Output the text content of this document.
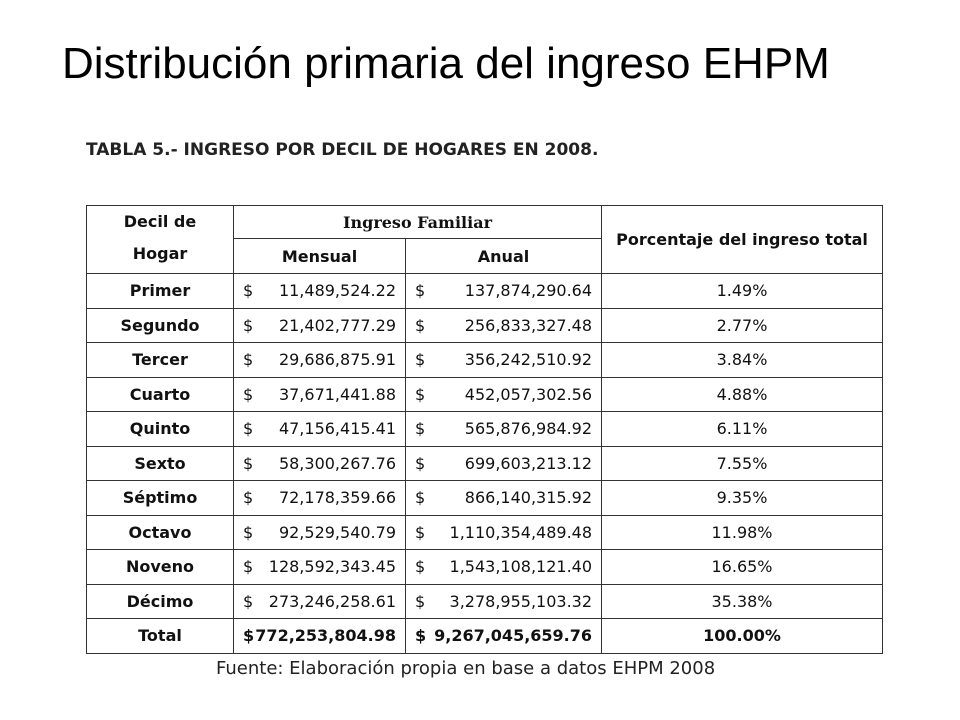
Distribución primaria del ingreso EHPM
TABLA 5.- INGRESO POR DECIL DE HOGARES EN 2008.
Decil de
Hogar	Ingreso Familiar		Porcentaje del ingreso total
	Mensual	Anual	
Primer	$ 11,489,524.22	$ 137,874,290.64	1.49%
Segundo	$ 21,402,777.29	$ 256,833,327.48	2.77%
Tercer	$ 29,686,875.91	$ 356,242,510.92	3.84%
Cuarto	$ 37,671,441.88	$ 452,057,302.56	4.88%
Quinto	$ 47,156,415.41	$ 565,876,984.92	6.11%
Sexto	$ 58,300,267.76	$ 699,603,213.12	7.55%
Séptimo	$ 72,178,359.66	$ 866,140,315.92	9.35%
Octavo	$ 92,529,540.79	$ 1,110,354,489.48	11.98%
Noveno	$ 128,592,343.45	$ 1,543,108,121.40	16.65%
Décimo	$ 273,246,258.61	$ 3,278,955,103.32	35.38%
Total	$ 772,253,804.98	$ 9,267,045,659.76	100.00%
Fuente: Elaboración propia en base a datos EHPM 2008
